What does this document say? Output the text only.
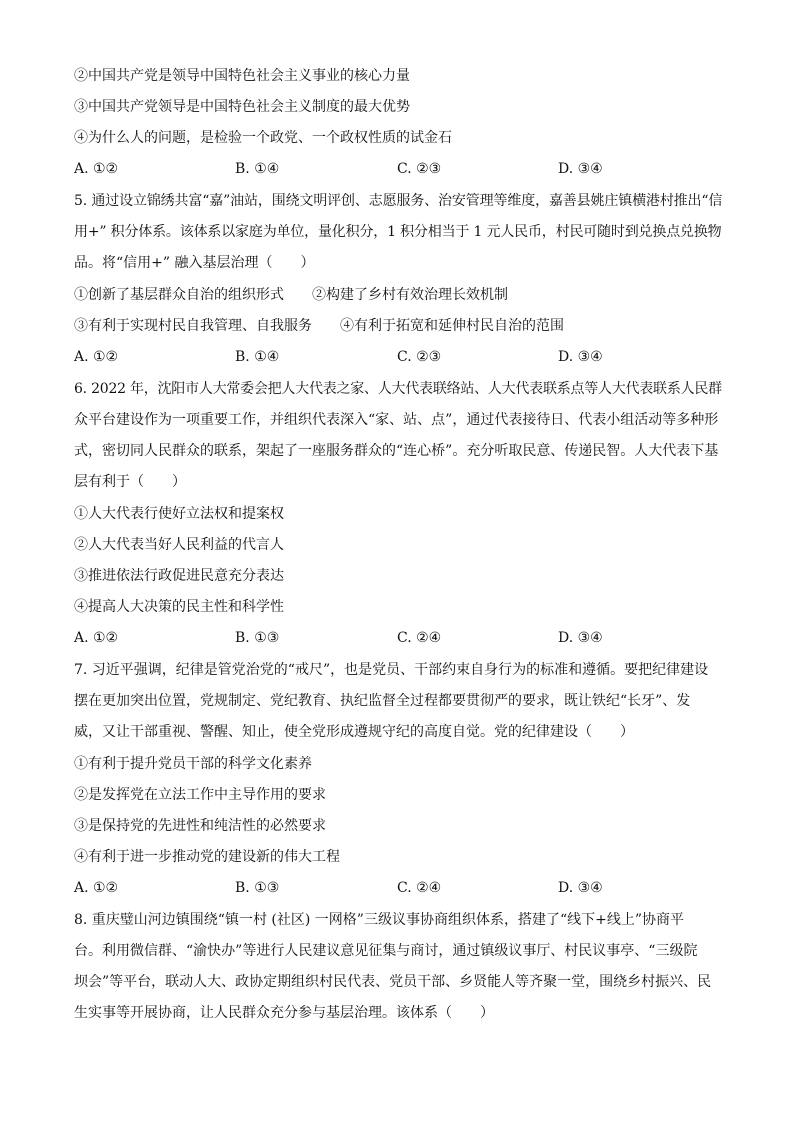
②中国共产党是领导中国特色社会主义事业的核心力量
③中国共产党领导是中国特色社会主义制度的最大优势
④为什么人的问题，是检验一个政党、一个政权性质的试金石
A. ①②	B. ①④	C. ②③	D. ③④
5. 通过设立锦绣共富“嘉”油站，围绕文明评创、志愿服务、治安管理等维度，嘉善县姚庄镇横港村推出“信
用+” 积分体系。该体系以家庭为单位，量化积分，1 积分相当于 1 元人民币，村民可随时到兑换点兑换物
品。将“信用+” 融入基层治理（　　）
①创新了基层群众自治的组织形式　　②构建了乡村有效治理长效机制
③有利于实现村民自我管理、自我服务　　④有利于拓宽和延伸村民自治的范围
A. ①②	B. ①④	C. ②③	D. ③④
6. 2022 年，沈阳市人大常委会把人大代表之家、人大代表联络站、人大代表联系点等人大代表联系人民群
众平台建设作为一项重要工作，并组织代表深入“家、站、点”，通过代表接待日、代表小组活动等多种形
式，密切同人民群众的联系，架起了一座服务群众的“连心桥”。充分听取民意、传递民智。人大代表下基
层有利于（　　）
①人大代表行使好立法权和提案权
②人大代表当好人民利益的代言人
③推进依法行政促进民意充分表达
④提高人大决策的民主性和科学性
A. ①②	B. ①③	C. ②④	D. ③④
7. 习近平强调，纪律是管党治党的“戒尺”，也是党员、干部约束自身行为的标准和遵循。要把纪律建设
摆在更加突出位置，党规制定、党纪教育、执纪监督全过程都要贯彻严的要求，既让铁纪“长牙”、发
威，又让干部重视、警醒、知止，使全党形成遵规守纪的高度自觉。党的纪律建设（　　）
①有利于提升党员干部的科学文化素养
②是发挥党在立法工作中主导作用的要求
③是保持党的先进性和纯洁性的必然要求
④有利于进一步推动党的建设新的伟大工程
A. ①②	B. ①③	C. ②④	D. ③④
8. 重庆璧山河边镇围绕“镇一村 (社区) 一网格”三级议事协商组织体系，搭建了“线下+线上”协商平
台。利用微信群、“渝快办”等进行人民建议意见征集与商讨，通过镇级议事厅、村民议事亭、“三级院
坝会”等平台，联动人大、政协定期组织村民代表、党员干部、乡贤能人等齐聚一堂，围绕乡村振兴、民
生实事等开展协商，让人民群众充分参与基层治理。该体系（　　）
